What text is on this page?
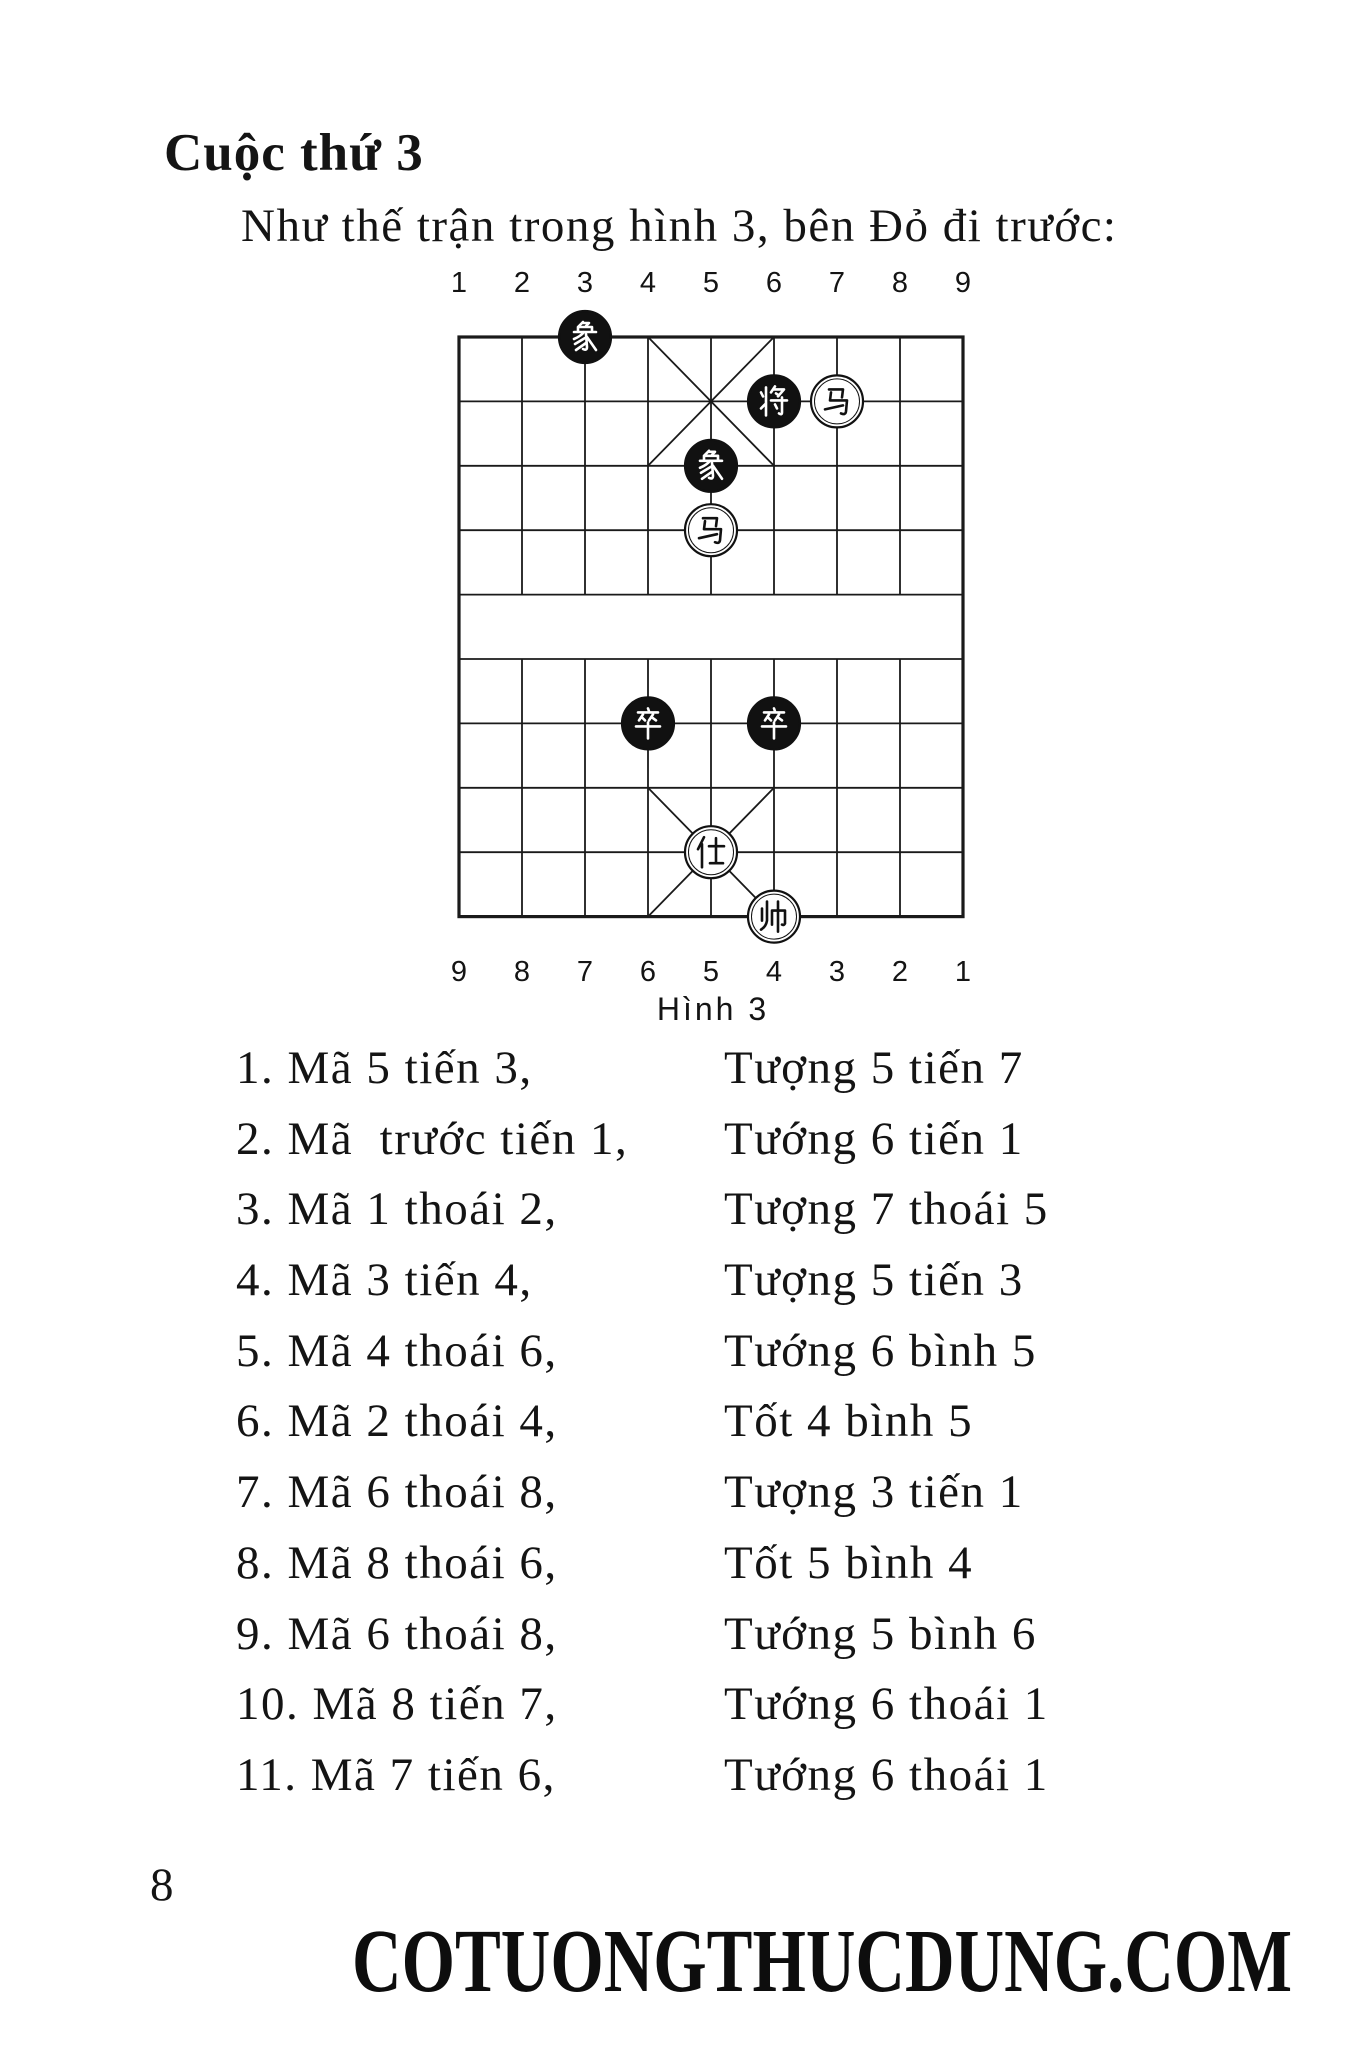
Cuộc thứ 3
Như thế trận trong hình 3, bên Đỏ đi trước:
1 2 3 4 5 6 7 8 9
9 8 7 6 5 4 3 2 1
Hình 3

1. Mã 5 tiến 3,

	Tượng 5 tiến 7

2. Mã  trước tiến 1,

Tướng 6 tiến 1

3. Mã 1 thoái 2,

	Tượng 7 thoái 5

4. Mã 3 tiến 4,

	Tượng 5 tiến 3

5. Mã 4 thoái 6,

	Tướng 6 bình 5

6. Mã 2 thoái 4,

	Tốt 4 bình 5

7. Mã 6 thoái 8,

	Tượng 3 tiến 1

8. Mã 8 thoái 6,

	Tốt 5 bình 4

9. Mã 6 thoái 8,

	Tướng 5 bình 6

10. Mã 8 tiến 7,

	Tướng 6 thoái 1

11. Mã 7 tiến 6,

	Tướng 6 thoái 1

8
COTUONGTHUCDUNG.COM
